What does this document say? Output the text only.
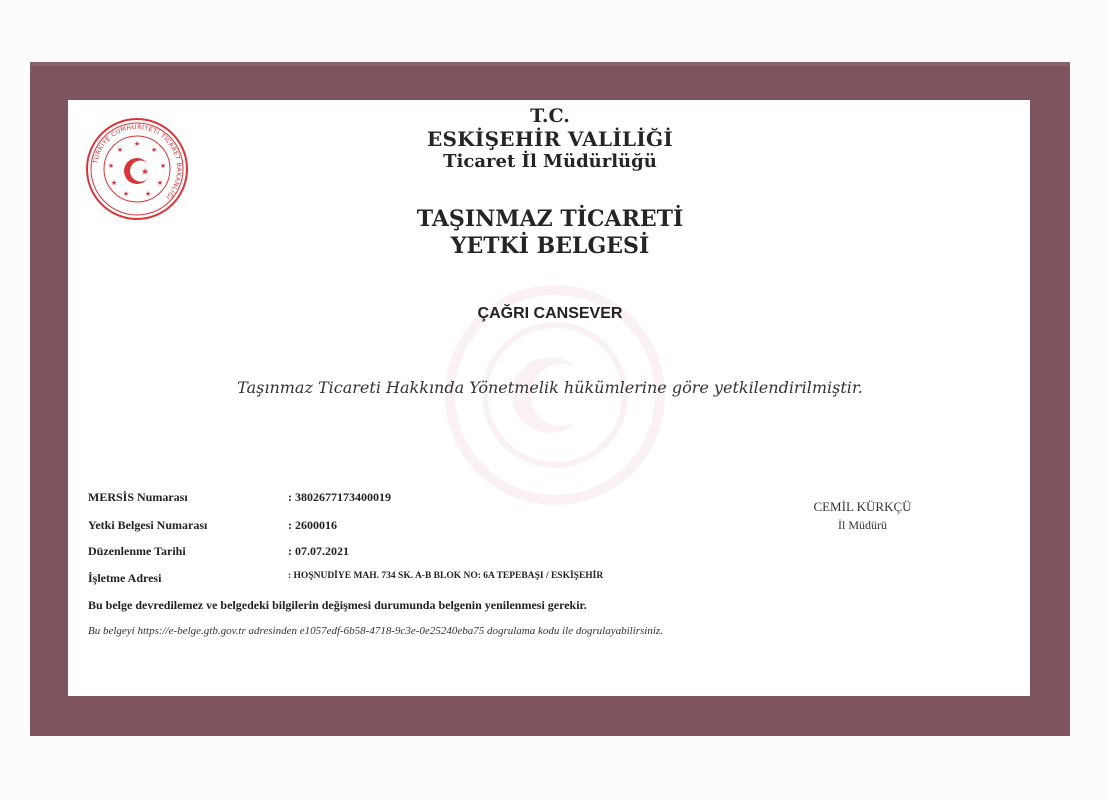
TÜRKİYE CUMHURİYETİ TİCARET BAKANLIĞI
★
★
★
★
★
★
★
★
★
★
T.C.
ESKİŞEHİR VALİLİĞİ
Ticaret İl Müdürlüğü
TAŞINMAZ TİCARETİ
YETKİ BELGESİ
ÇAĞRI CANSEVER
Taşınmaz Ticareti Hakkında Yönetmelik hükümlerine göre yetkilendirilmiştir.
MERSİS Numarası	: 3802677173400019
Yetki Belgesi Numarası	: 2600016
Düzenlenme Tarihi	: 07.07.2021
İşletme Adresi	: HOŞNUDİYE MAH. 734 SK. A-B BLOK NO: 6A TEPEBAŞI / ESKİŞEHİR
Bu belge devredilemez ve belgedeki bilgilerin değişmesi durumunda belgenin yenilenmesi gerekir.
Bu belgeyi https://e-belge.gtb.gov.tr adresinden e1057edf-6b58-4718-9c3e-0e25240eba75 dogrulama kodu ile dogrulayabilirsiniz.
CEMİL KÜRKÇÜ
İl Müdürü
